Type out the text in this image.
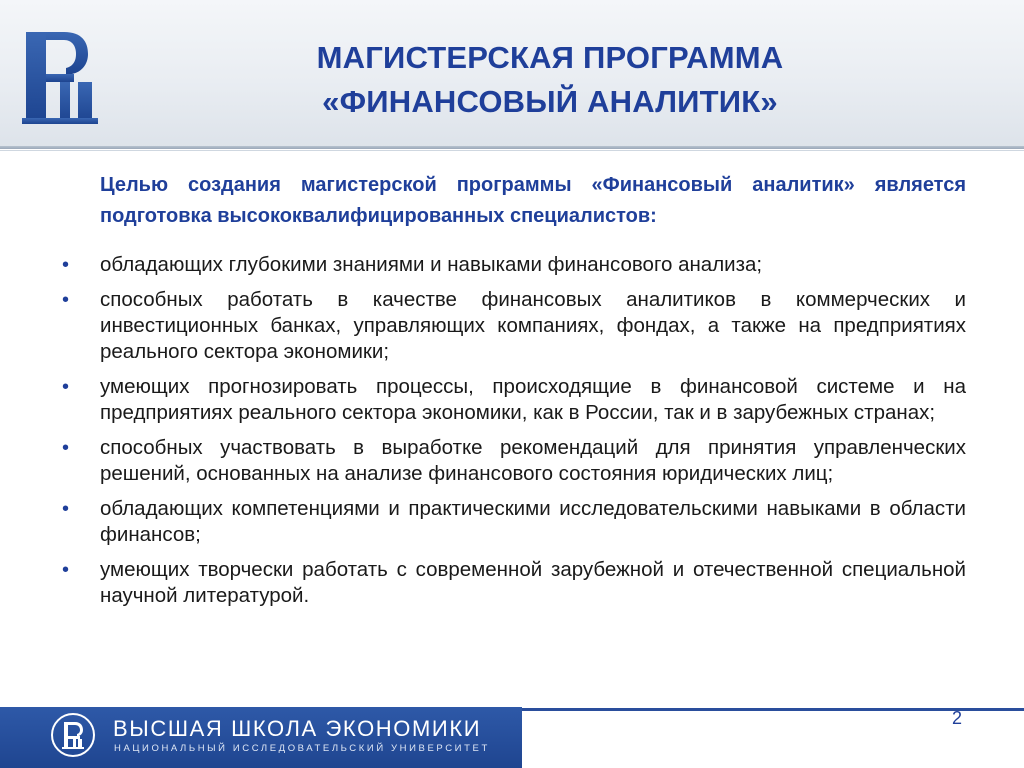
МАГИСТЕРСКАЯ ПРОГРАММА
«ФИНАНСОВЫЙ АНАЛИТИК»
Целью создания магистерской программы «Финансовый аналитик» является подготовка высококвалифицированных специалистов:
• обладающих глубокими знаниями и навыками финансового анализа;
• способных работать в качестве финансовых аналитиков в коммерческих и инвестиционных банках, управляющих компаниях, фондах, а также на предприятиях реального сектора экономики;
• умеющих прогнозировать процессы, происходящие в финансовой системе и на предприятиях реального сектора экономики, как в России, так и в зарубежных странах;
• способных участвовать в выработке рекомендаций для принятия управленческих решений, основанных на анализе финансового состояния юридических лиц;
• обладающих компетенциями и практическими исследовательскими навыками в области финансов;
• умеющих творчески работать с современной зарубежной и отечественной специальной научной литературой.
ВЫСШАЯ ШКОЛА ЭКОНОМИКИ
НАЦИОНАЛЬНЫЙ ИССЛЕДОВАТЕЛЬСКИЙ УНИВЕРСИТЕТ
2
